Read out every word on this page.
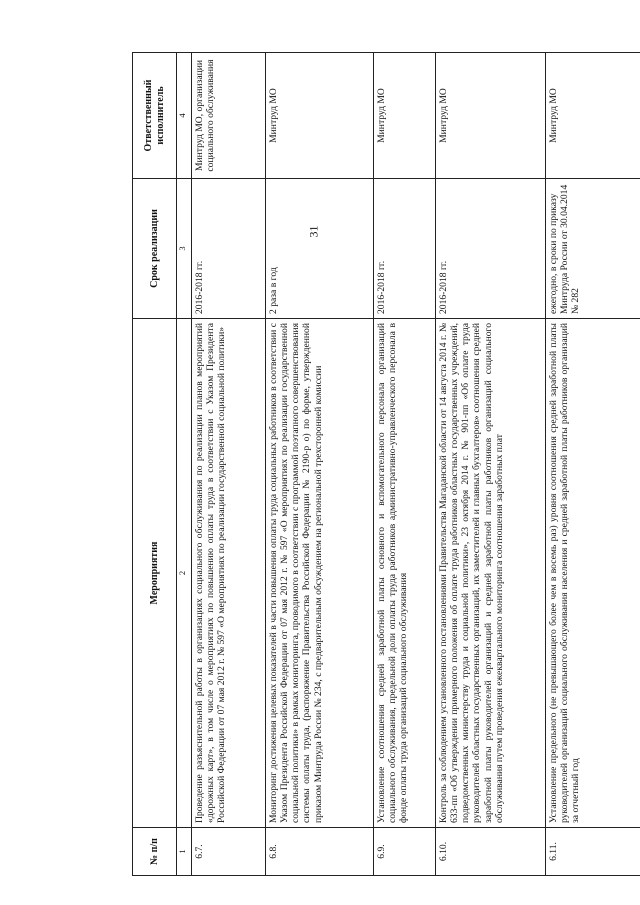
31
№ п/п	Мероприятия	Срок реализации	Ответственный исполнитель
1	2	3	4
6.7.	Проведение разъяснительной работы в организациях социального обслуживания по реализации планов мероприятий «дорожных карт», в том числе о мероприятиях по повышению оплаты труда в соответствии с Указом Президента Российской Федерации от 07 мая 2012 г. № 597 «О мероприятиях по реализации государственной социальной политики»	2016-2018 гг.	Минтруд МО, организации социального обслуживания
6.8.	Мониторинг достижения целевых показателей в части повышения оплаты труда социальных работников в соответствии с Указом Президента Российской Федерации от 07 мая 2012 г. № 597 «О мероприятиях по реализации государственной социальной политики» в рамках мониторинга, проводимого в соответствии с программой поэтапного совершенствования системы оплаты труда, (распоряжение Правительства Российской Федерации № 2190-р о) по форме, утвержденной приказом Минтруда России № 234, с предварительным обсуждением на региональной трехсторонней комиссии	2 раза в год	Минтруд МО
6.9.	Установление соотношения средней заработной платы основного и вспомогательного персонала организаций социального обслуживания, предельной доли оплаты труда работников административно-управленческого персонала в фонде оплаты труда организаций социального обслуживания	2016-2018 гг.	Минтруд МО
6.10.	Контроль за соблюдением установленного постановлениями Правительства Магаданской области от 14 августа 2014 г. № 633-пп «Об утверждении примерного положения об оплате труда работников областных государственных учреждений, подведомственных министерству труда и социальной политики», 23 октября 2014 г. № 901-пп «Об оплате труда руководителей областных государственных организаций, их заместителей и главных бухгалтеров» соотношения средней заработной платы руководителей организаций и средней заработной платы работников организаций социального обслуживания путем проведения ежеквартального мониторинга соотношения заработных плат	2016-2018 гг.	Минтруд МО
6.11.	Установление предельного (не превышающего более чем в восемь раз) уровня соотношения средней заработной платы руководителей организаций социального обслуживания населения и средней заработной платы работников организаций за отчетный год	ежегодно, в сроки по приказу Минтруда России от 30.04.2014 № 282	Минтруд МО
